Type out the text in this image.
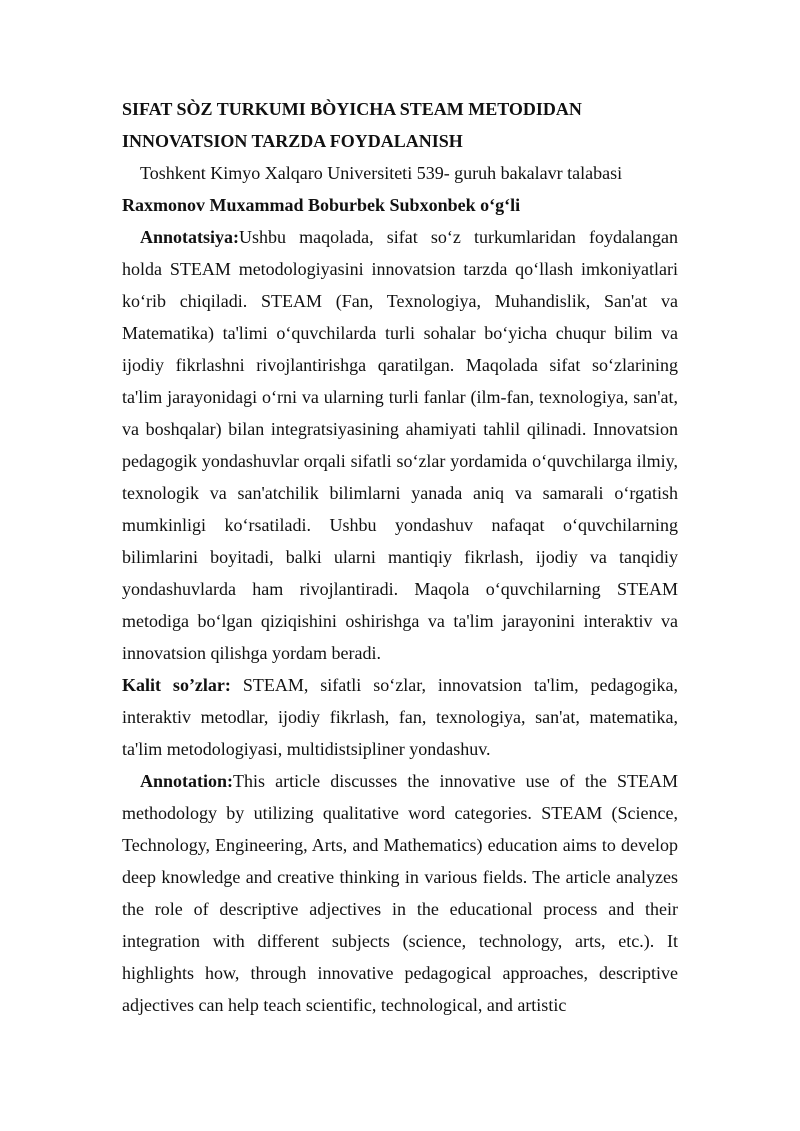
SIFAT SÒZ TURKUMI BÒYICHA STEAM METODIDAN
INNOVATSION TARZDA FOYDALANISH

Toshkent Kimyo Xalqaro Universiteti 539- guruh bakalavr talabasi

Raxmonov Muxammad Boburbek Subxonbek o‘g‘li

Annotatsiya:Ushbu maqolada, sifat so‘z turkumlaridan foydalangan holda STEAM metodologiyasini innovatsion tarzda qo‘llash imkoniyatlari ko‘rib chiqiladi. STEAM (Fan, Texnologiya, Muhandislik, San'at va Matematika) ta'limi o‘quvchilarda turli sohalar bo‘yicha chuqur bilim va ijodiy fikrlashni rivojlantirishga qaratilgan. Maqolada sifat so‘zlarining ta'lim jarayonidagi o‘rni va ularning turli fanlar (ilm-fan, texnologiya, san'at, va boshqalar) bilan integratsiyasining ahamiyati tahlil qilinadi. Innovatsion pedagogik yondashuvlar orqali sifatli so‘zlar yordamida o‘quvchilarga ilmiy, texnologik va san'atchilik bilimlarni yanada aniq va samarali o‘rgatish mumkinligi ko‘rsatiladi. Ushbu yondashuv nafaqat o‘quvchilarning bilimlarini boyitadi, balki ularni mantiqiy fikrlash, ijodiy va tanqidiy yondashuvlarda ham rivojlantiradi. Maqola o‘quvchilarning STEAM metodiga bo‘lgan qiziqishini oshirishga va ta'lim jarayonini interaktiv va innovatsion qilishga yordam beradi.

Kalit so’zlar: STEAM, sifatli so‘zlar, innovatsion ta'lim, pedagogika, interaktiv metodlar, ijodiy fikrlash, fan, texnologiya, san'at, matematika, ta'lim metodologiyasi, multidistsipliner yondashuv.

Annotation:This article discusses the innovative use of the STEAM methodology by utilizing qualitative word categories. STEAM (Science, Technology, Engineering, Arts, and Mathematics) education aims to develop deep knowledge and creative thinking in various fields. The article analyzes the role of descriptive adjectives in the educational process and their integration with different subjects (science, technology, arts, etc.). It highlights how, through innovative pedagogical approaches, descriptive adjectives can help teach scientific, technological, and artistic
